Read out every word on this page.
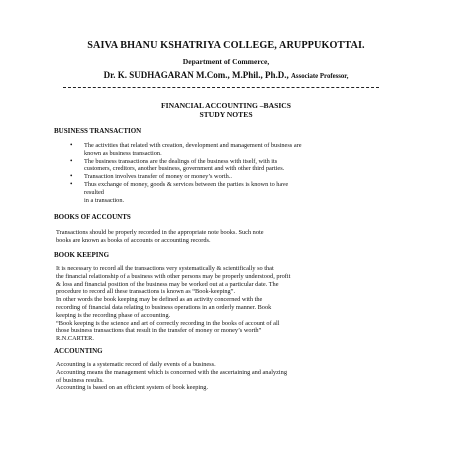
SAIVA BHANU KSHATRIYA COLLEGE, ARUPPUKOTTAI.
Department of Commerce,
Dr. K. SUDHAGARAN M.Com., M.Phil., Ph.D., Associate Professor,
FINANCIAL ACCOUNTING –BASICS
STUDY NOTES
BUSINESS TRANSACTION
• The activities that related with creation, development and management of business are
known as business transaction.
• The business transactions are the dealings of the business with itself, with its
customers, creditors, another business, government and with other third parties.
• Transaction involves transfer of money or money’s worth..
• Thus exchange of money, goods & services between the parties is known to have
resulted
in a transaction.
BOOKS OF ACCOUNTS
Transactions should be properly recorded in the appropriate note books. Such note
books are known as books of accounts or accounting records.
BOOK KEEPING
It is necessary to record all the transactions very systematically & scientifically so that
the financial relationship of a business with other persons may be properly understood, profit
& loss and financial position of the business may be worked out at a particular date. The
procedure to record all these transactions is known as “Book-keeping”.
In other words the book keeping may be defined as an activity concerned with the
recording of financial data relating to business operations in an orderly manner. Book
keeping is the recording phase of accounting.
“Book keeping is the science and art of correctly recording in the books of account of all
those business transactions that result in the transfer of money or money’s worth”
R.N.CARTER.
ACCOUNTING
Accounting is a systematic record of daily events of a business.
Accounting means the management which is concerned with the ascertaining and analyzing
of business results.
Accounting is based on an efficient system of book keeping.
